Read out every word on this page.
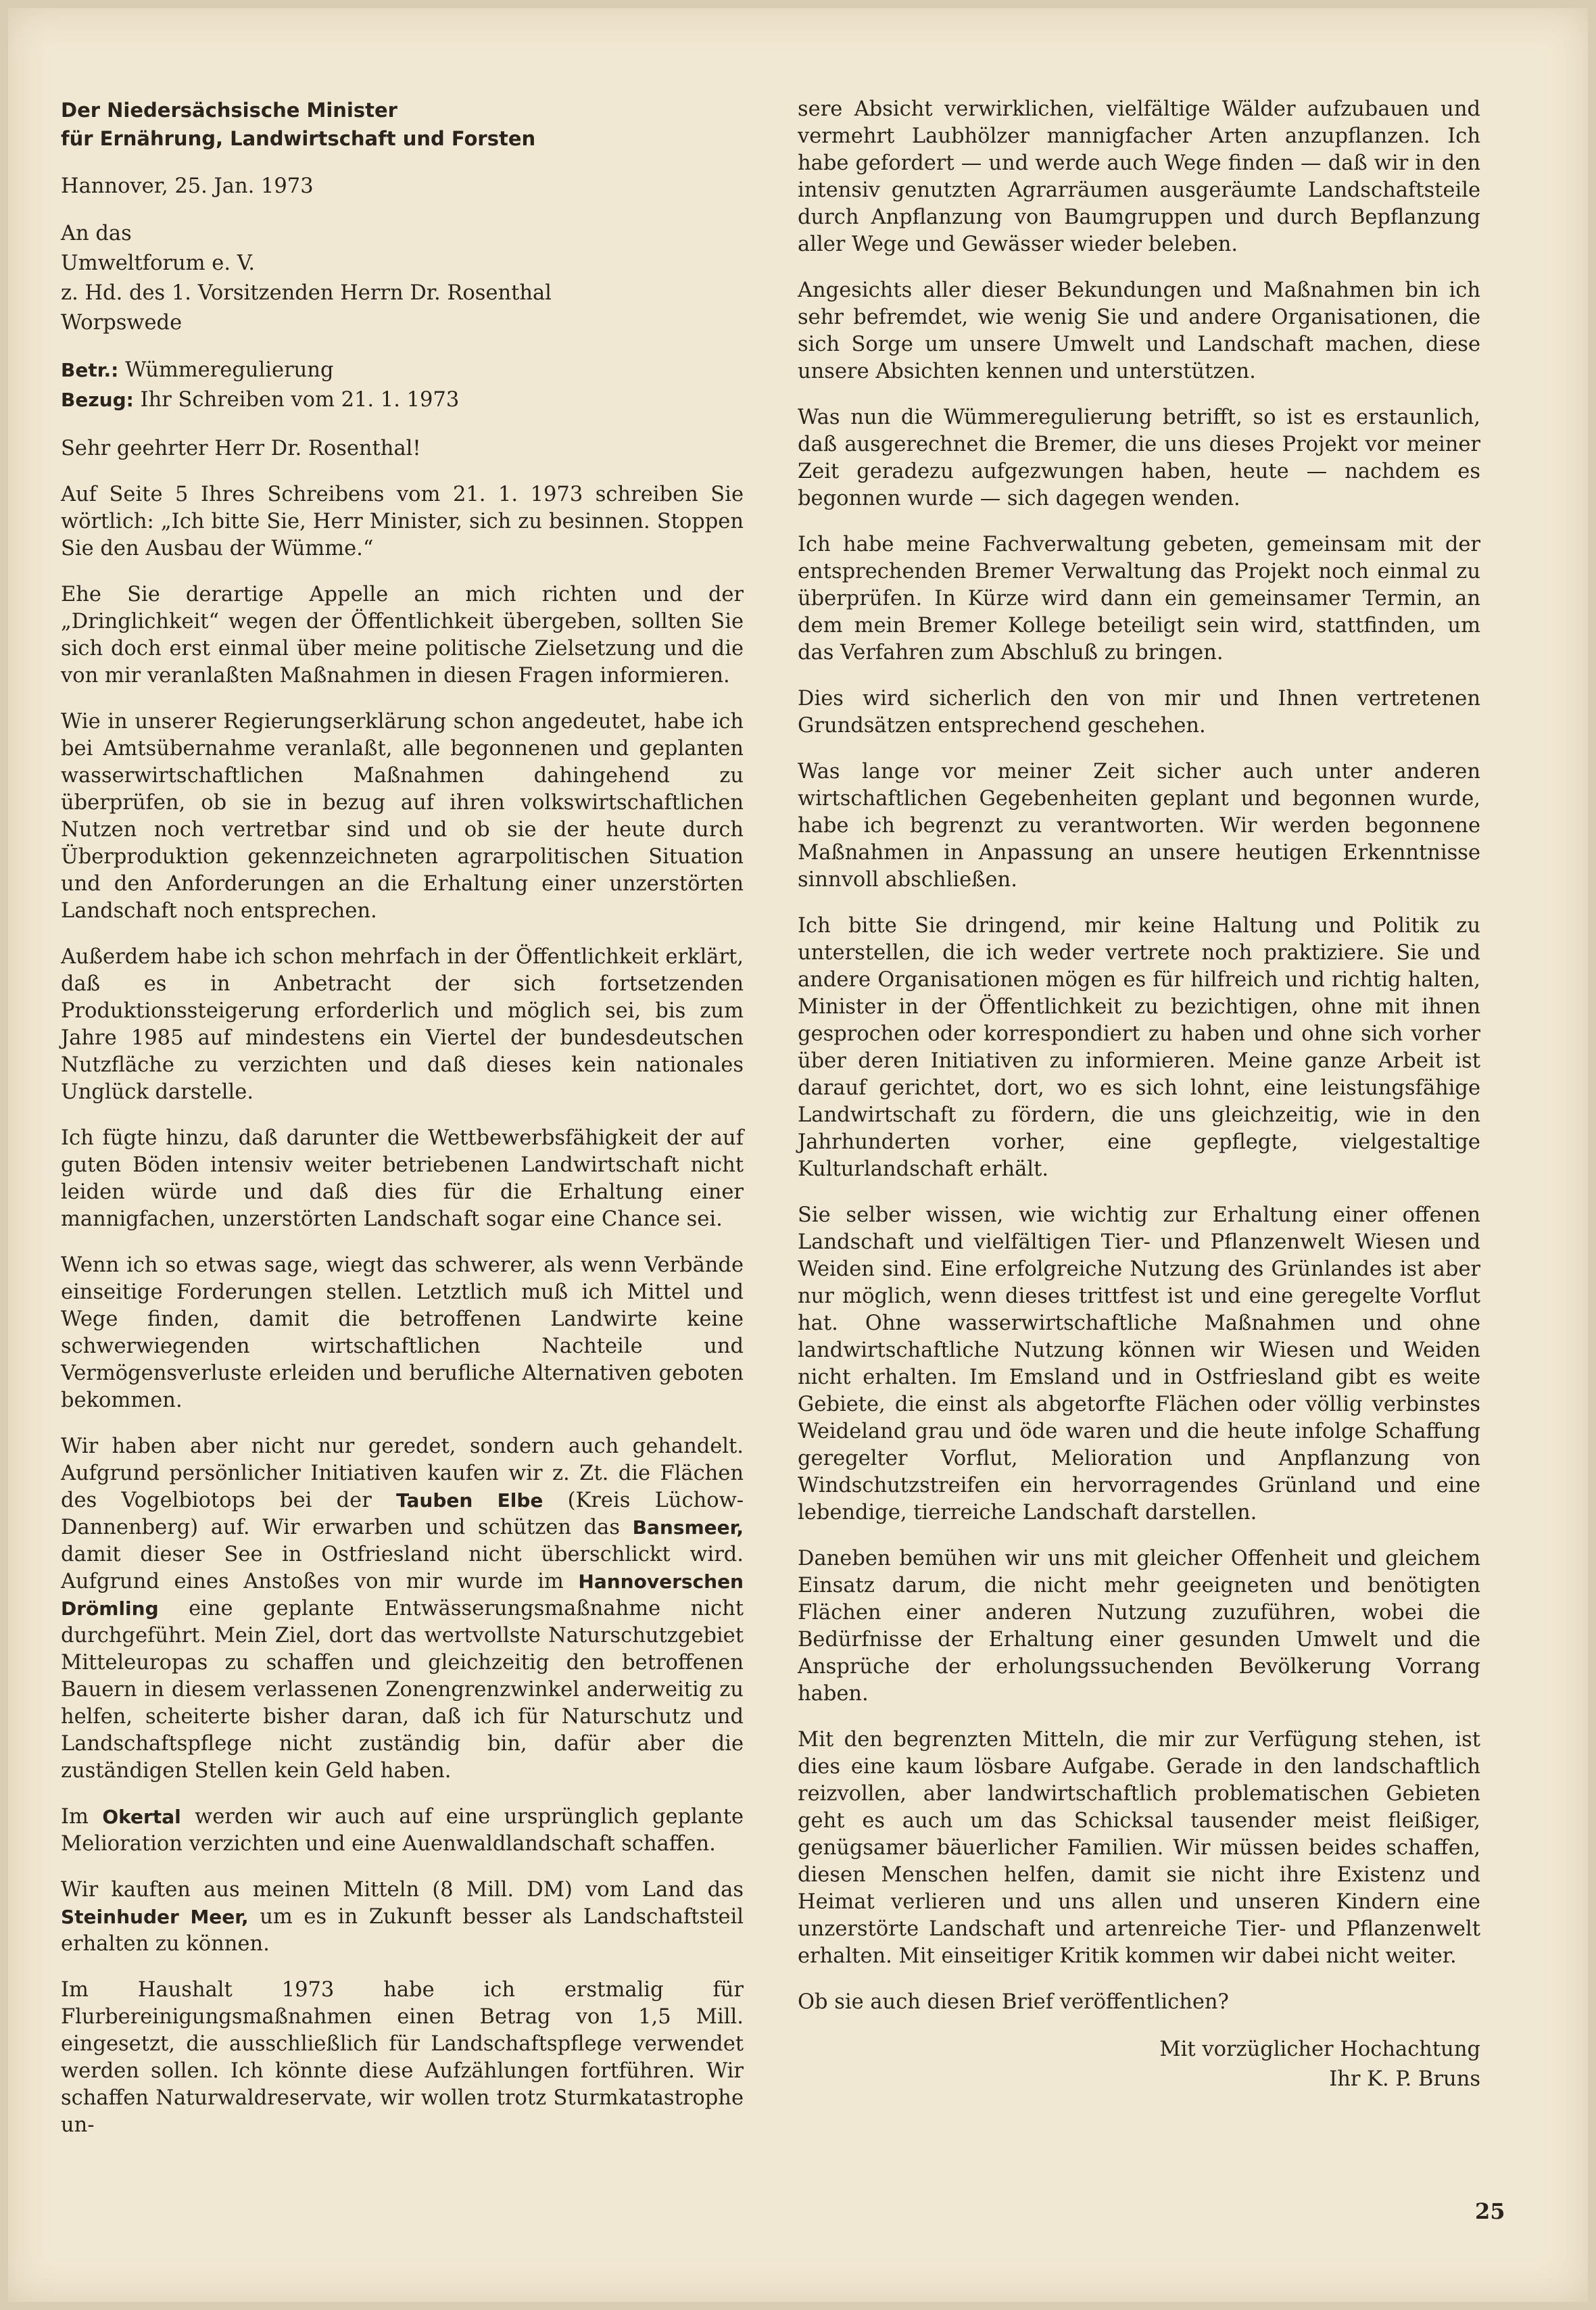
Der Niedersächsische Minister
für Ernährung, Landwirtschaft und Forsten

Hannover, 25. Jan. 1973

An das
Umweltforum e. V.
z. Hd. des 1. Vorsitzenden Herrn Dr. Rosenthal
Worpswede
Betr.: Wümmeregulierung
Bezug: Ihr Schreiben vom 21. 1. 1973

Sehr geehrter Herr Dr. Rosenthal!

Auf Seite 5 Ihres Schreibens vom 21. 1. 1973 schreiben Sie wörtlich: „Ich bitte Sie, Herr Minister, sich zu besinnen. Stoppen Sie den Ausbau der Wümme.“

Ehe Sie derartige Appelle an mich richten und der „Dringlichkeit“ wegen der Öffentlichkeit übergeben, sollten Sie sich doch erst einmal über meine politische Zielsetzung und die von mir veranlaßten Maßnahmen in diesen Fragen informieren.

Wie in unserer Regierungserklärung schon angedeutet, habe ich bei Amtsübernahme veranlaßt, alle begonnenen und geplanten wasserwirtschaftlichen Maßnahmen dahingehend zu überprüfen, ob sie in bezug auf ihren volkswirtschaftlichen Nutzen noch vertretbar sind und ob sie der heute durch Überproduktion gekennzeichneten agrarpolitischen Situation und den Anforderungen an die Erhaltung einer unzerstörten Landschaft noch entsprechen.

Außerdem habe ich schon mehrfach in der Öffentlichkeit erklärt, daß es in Anbetracht der sich fortsetzenden Produktionssteigerung erforderlich und möglich sei, bis zum Jahre 1985 auf mindestens ein Viertel der bundesdeutschen Nutzfläche zu verzichten und daß dieses kein nationales Unglück darstelle.

Ich fügte hinzu, daß darunter die Wettbewerbsfähigkeit der auf guten Böden intensiv weiter betriebenen Landwirtschaft nicht leiden würde und daß dies für die Erhaltung einer mannigfachen, unzerstörten Landschaft sogar eine Chance sei.

Wenn ich so etwas sage, wiegt das schwerer, als wenn Verbände einseitige Forderungen stellen. Letztlich muß ich Mittel und Wege finden, damit die betroffenen Landwirte keine schwerwiegenden wirtschaftlichen Nachteile und Vermögensverluste erleiden und berufliche Alternativen geboten bekommen.

Wir haben aber nicht nur geredet, sondern auch gehandelt. Aufgrund persönlicher Initiativen kaufen wir z. Zt. die Flächen des Vogelbiotops bei der Tauben Elbe (Kreis Lüchow-Dannenberg) auf. Wir erwarben und schützen das Bansmeer, damit dieser See in Ostfriesland nicht überschlickt wird. Aufgrund eines Anstoßes von mir wurde im Hannoverschen Drömling eine geplante Entwässerungsmaßnahme nicht durchgeführt. Mein Ziel, dort das wertvollste Naturschutzgebiet Mitteleuropas zu schaffen und gleichzeitig den betroffenen Bauern in diesem verlassenen Zonengrenzwinkel anderweitig zu helfen, scheiterte bisher daran, daß ich für Naturschutz und Landschaftspflege nicht zuständig bin, dafür aber die zuständigen Stellen kein Geld haben.

Im Okertal werden wir auch auf eine ursprünglich geplante Melioration verzichten und eine Auenwaldlandschaft schaffen.

Wir kauften aus meinen Mitteln (8 Mill. DM) vom Land das Steinhuder Meer, um es in Zukunft besser als Landschaftsteil erhalten zu können.

Im Haushalt 1973 habe ich erstmalig für Flurbereinigungsmaßnahmen einen Betrag von 1,5 Mill. eingesetzt, die ausschließlich für Landschaftspflege verwendet werden sollen. Ich könnte diese Aufzählungen fortführen. Wir schaffen Naturwaldreservate, wir wollen trotz Sturmkatastrophe un-

sere Absicht verwirklichen, vielfältige Wälder aufzubauen und vermehrt Laubhölzer mannigfacher Arten anzupflanzen. Ich habe gefordert — und werde auch Wege finden — daß wir in den intensiv genutzten Agrarräumen ausgeräumte Landschaftsteile durch Anpflanzung von Baumgruppen und durch Bepflanzung aller Wege und Gewässer wieder beleben.

Angesichts aller dieser Bekundungen und Maßnahmen bin ich sehr befremdet, wie wenig Sie und andere Organisationen, die sich Sorge um unsere Umwelt und Landschaft machen, diese unsere Absichten kennen und unterstützen.

Was nun die Wümmeregulierung betrifft, so ist es erstaunlich, daß ausgerechnet die Bremer, die uns dieses Projekt vor meiner Zeit geradezu aufgezwungen haben, heute — nachdem es begonnen wurde — sich dagegen wenden.

Ich habe meine Fachverwaltung gebeten, gemeinsam mit der entsprechenden Bremer Verwaltung das Projekt noch einmal zu überprüfen. In Kürze wird dann ein gemeinsamer Termin, an dem mein Bremer Kollege beteiligt sein wird, stattfinden, um das Verfahren zum Abschluß zu bringen.

Dies wird sicherlich den von mir und Ihnen vertretenen Grundsätzen entsprechend geschehen.

Was lange vor meiner Zeit sicher auch unter anderen wirtschaftlichen Gegebenheiten geplant und begonnen wurde, habe ich begrenzt zu verantworten. Wir werden begonnene Maßnahmen in Anpassung an unsere heutigen Erkenntnisse sinnvoll abschließen.

Ich bitte Sie dringend, mir keine Haltung und Politik zu unterstellen, die ich weder vertrete noch praktiziere. Sie und andere Organisationen mögen es für hilfreich und richtig halten, Minister in der Öffentlichkeit zu bezichtigen, ohne mit ihnen gesprochen oder korrespondiert zu haben und ohne sich vorher über deren Initiativen zu informieren. Meine ganze Arbeit ist darauf gerichtet, dort, wo es sich lohnt, eine leistungsfähige Landwirtschaft zu fördern, die uns gleichzeitig, wie in den Jahrhunderten vorher, eine gepflegte, vielgestaltige Kulturlandschaft erhält.

Sie selber wissen, wie wichtig zur Erhaltung einer offenen Landschaft und vielfältigen Tier- und Pflanzenwelt Wiesen und Weiden sind. Eine erfolgreiche Nutzung des Grünlandes ist aber nur möglich, wenn dieses trittfest ist und eine geregelte Vorflut hat. Ohne wasserwirtschaftliche Maßnahmen und ohne landwirtschaftliche Nutzung können wir Wiesen und Weiden nicht erhalten. Im Emsland und in Ostfriesland gibt es weite Gebiete, die einst als abgetorfte Flächen oder völlig verbinstes Weideland grau und öde waren und die heute infolge Schaffung geregelter Vorflut, Melioration und Anpflanzung von Windschutzstreifen ein hervorragendes Grünland und eine lebendige, tierreiche Landschaft darstellen.

Daneben bemühen wir uns mit gleicher Offenheit und gleichem Einsatz darum, die nicht mehr geeigneten und benötigten Flächen einer anderen Nutzung zuzuführen, wobei die Bedürfnisse der Erhaltung einer gesunden Umwelt und die Ansprüche der erholungssuchenden Bevölkerung Vorrang haben.

Mit den begrenzten Mitteln, die mir zur Verfügung stehen, ist dies eine kaum lösbare Aufgabe. Gerade in den landschaftlich reizvollen, aber landwirtschaftlich problematischen Gebieten geht es auch um das Schicksal tausender meist fleißiger, genügsamer bäuerlicher Familien. Wir müssen beides schaffen, diesen Menschen helfen, damit sie nicht ihre Existenz und Heimat verlieren und uns allen und unseren Kindern eine unzerstörte Landschaft und artenreiche Tier- und Pflanzenwelt erhalten. Mit einseitiger Kritik kommen wir dabei nicht weiter.

Ob sie auch diesen Brief veröffentlichen?

Mit vorzüglicher Hochachtung
Ihr K. P. Bruns
25
